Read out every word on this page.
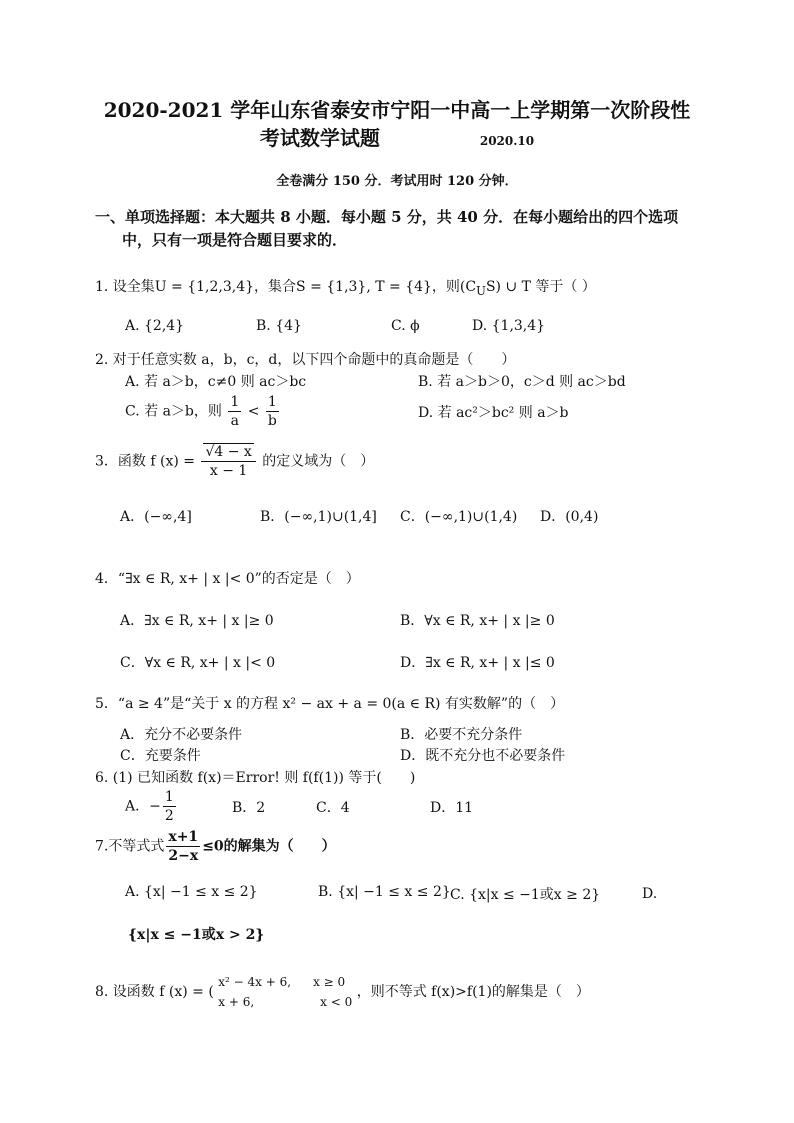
2020-2021 学年山东省泰安市宁阳一中高一上学期第一次阶段性
考试数学试题	2020.10
全卷满分 150 分．考试用时 120 分钟．
一、单项选择题：本大题共 8 小题．每小题 5 分，共 40 分．在每小题给出的四个选项
中，只有一项是符合题目要求的．
1. 设全集U = {1,2,3,4}，集合S = {1,3}, T = {4}，则$(C_US)$ ∪ T 等于（ ）
A. {2,4}	B. {4}	C. ϕ	D. {1,3,4}
2. 对于任意实数 a，b，c，d，以下四个命题中的真命题是（　　）
A. 若 a＞b，c≠0 则 ac＞bc	B. 若 a＞b＞0，c＞d 则 ac＞bd
C. 若 a＞b，则 $\frac{1}{a} < \frac{1}{b}$	D. 若 ac²＞bc² 则 a＞b
3．函数 f $(x) = \frac{√4 - x}{x - 1}$ 的定义域为（　）
A．(−∞,4]	B．(−∞,1)∪(1,4] C．(−∞,1)∪(1,4) D．(0,4)
4．“∃x ∈ R, x+ | x |< 0”的否定是（　）
A．∃x ∈ R, x+ | x |≥ 0	B．∀x ∈ R, x+ | x |≥ 0
C．∀x ∈ R, x+ | x |< 0	D．∃x ∈ R, x+ | x |≤ 0
5．“a ≥ 4”是“关于 x 的方程 x² − ax + a = 0(a ∈ R) 有实数解”的（　）
A．充分不必要条件	B．必要不充分条件
C．充要条件	D．既不充分也不必要条件
6. (1) 已知函数 f(x)＝Error! 则 f(f(1)) 等于(　　)
A．− $\frac{1}{2}$	B．2	C．4	D．11
7.不等式式 $\frac{x+1}{2-x} \le 0$的解集为（　　）
A. {x| −1 ≤ x ≤ 2}	B. {x| −1 ≤ x ≤ 2} C. {x|x ≤ −1或x ≥ 2}	D.
{x|x ≤ −1或x > 2}
8. 设函数 f (x) = (
x² − 4x + 6, x ≥ 0
x + 6,	x < 0
，则不等式 f(x)>f(1)的解集是（　）
